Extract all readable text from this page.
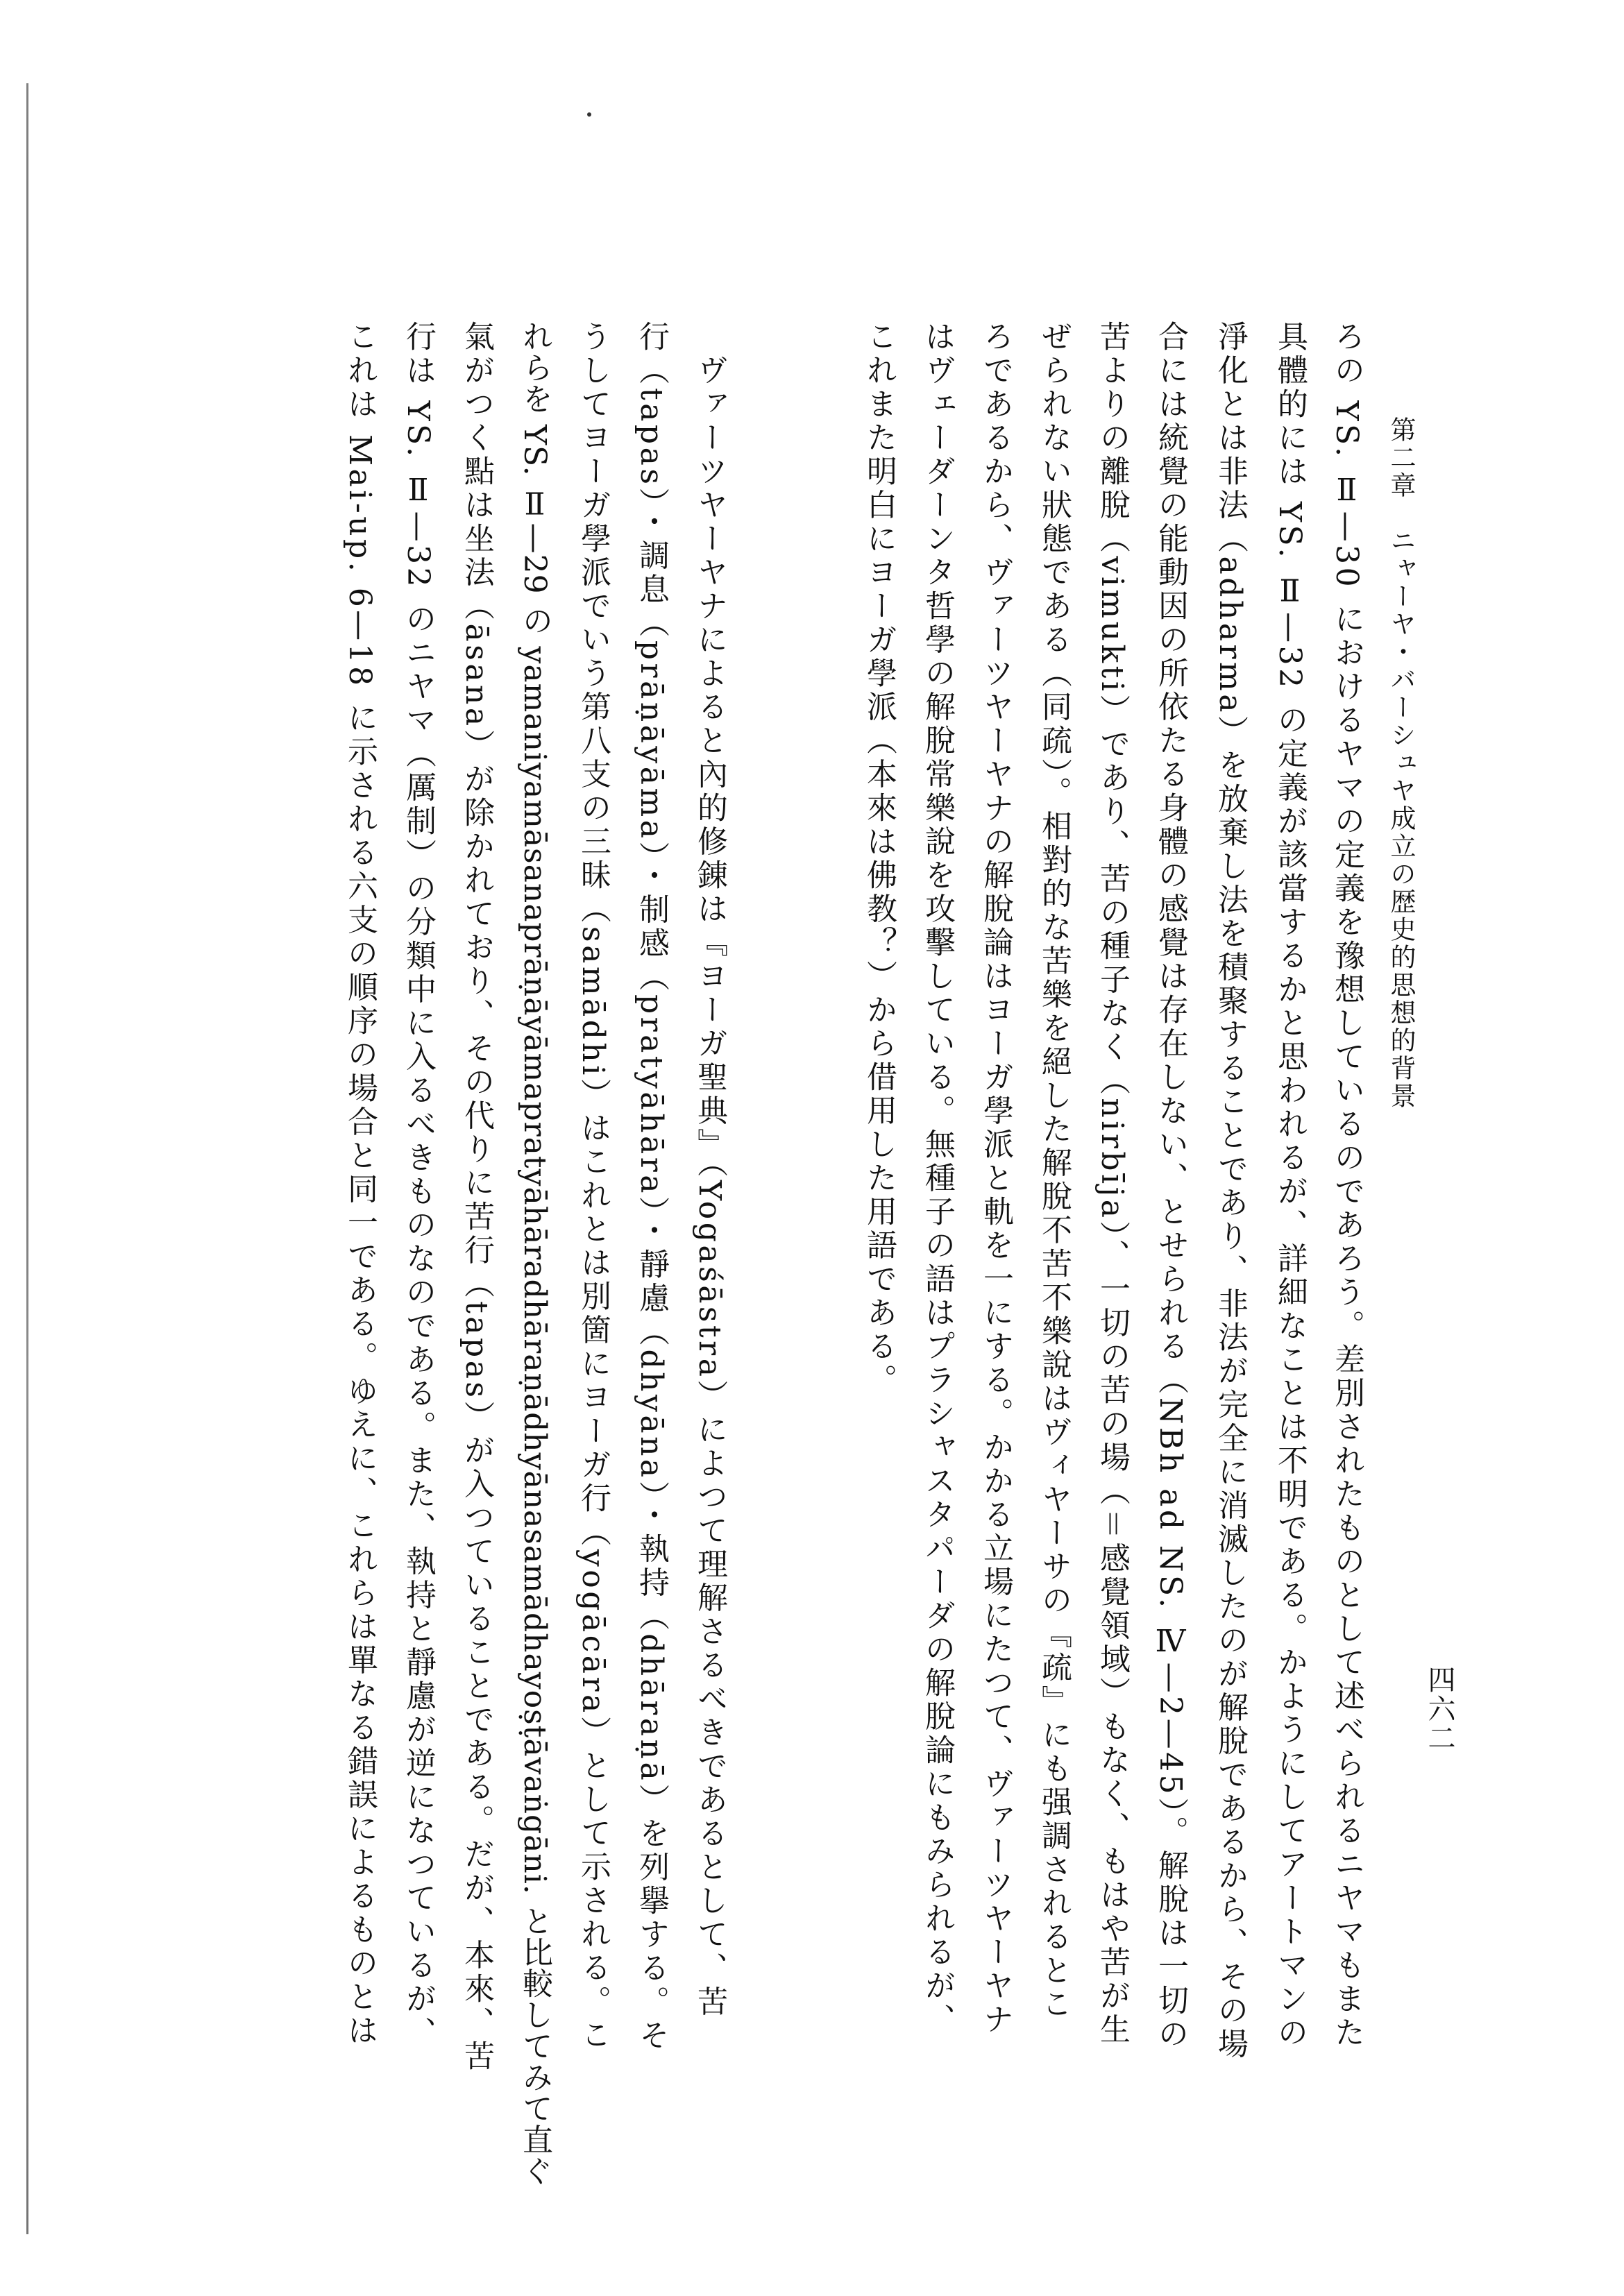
第二章　ニャーヤ・バーシュヤ成立の歴史的思想的背景
四六二
ろの YS. Ⅱ—30 におけるヤマの定義を豫想しているのであろう。差別されたものとして述べられるニヤマもまた
具體的には YS. Ⅱ—32 の定義が該當するかと思われるが、詳細なことは不明である。かようにしてアートマンの
淨化とは非法（adharma）を放棄し法を積聚することであり、非法が完全に消滅したのが解脫であるから、その場
合には統覺の能動因の所依たる身體の感覺は存在しない、とせられる（NBh ad NS. Ⅳ—2—45）。解脫は一切の
苦よりの離脫（vimukti）であり、苦の種子なく（nirbīja）、一切の苦の場（＝感覺領域）もなく、もはや苦が生
ぜられない狀態である（同疏）。相對的な苦樂を絕した解脫不苦不樂說はヴィヤーサの『疏』にも强調されるとこ
ろであるから、ヴァーツヤーヤナの解脫論はヨーガ學派と軌を一にする。かかる立場にたつて、ヴァーツヤーヤナ
はヴェーダーンタ哲學の解脫常樂說を攻擊している。無種子の語はプラシャスタパーダの解脫論にもみられるが、
これまた明白にヨーガ學派（本來は佛教？）から借用した用語である。
　ヴァーツヤーヤナによると內的修錬は『ヨーガ聖典』（Yogaśāstra）によつて理解さるべきであるとして、苦
行（tapas）・調息（prāṇāyāma）・制感（pratyāhāra）・靜慮（dhyāna）・執持（dhāraṇā）を列擧する。そ
うしてヨーガ學派でいう第八支の三昧（samādhi）はこれとは別箇にヨーガ行（yogācāra）として示される。こ
れらを YS. Ⅱ—29 の yamaniyamāsanaprāṇāyāmapratyāhāradhāraṇādhyānasamādhayoṣṭāvaṅgāni. と比較してみて直ぐ
氣がつく點は坐法（āsana）が除かれており、その代りに苦行（tapas）が入つていることである。だが、本來、苦
行は YS. Ⅱ—32 のニヤマ（厲制）の分類中に入るべきものなのである。また、執持と靜慮が逆になつているが、
これは Mai-up. 6—18 に示される六支の順序の場合と同一である。ゆえに、これらは單なる錯誤によるものとは
